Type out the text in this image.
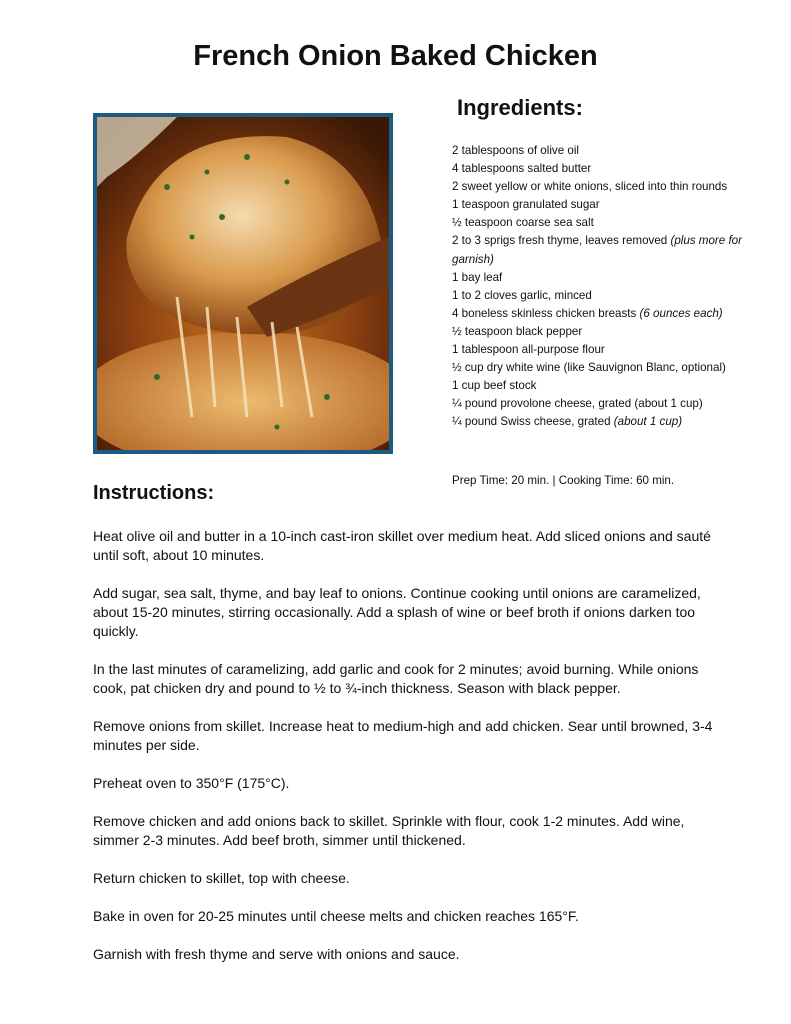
French Onion Baked Chicken
Ingredients:
2 tablespoons of olive oil
4 tablespoons salted butter
2 sweet yellow or white onions, sliced into thin rounds
1 teaspoon granulated sugar
½ teaspoon coarse sea salt
2 to 3 sprigs fresh thyme, leaves removed (plus more for garnish)
1 bay leaf
1 to 2 cloves garlic, minced
4 boneless skinless chicken breasts (6 ounces each)
½ teaspoon black pepper
1 tablespoon all-purpose flour
½ cup dry white wine (like Sauvignon Blanc, optional)
1 cup beef stock
¼ pound provolone cheese, grated (about 1 cup)
¼ pound Swiss cheese, grated (about 1 cup)
Prep Time: 20 min. | Cooking Time: 60 min.
Instructions:

Heat olive oil and butter in a 10-inch cast-iron skillet over medium heat. Add sliced onions and sauté until soft, about 10 minutes.

Add sugar, sea salt, thyme, and bay leaf to onions. Continue cooking until onions are caramelized, about 15-20 minutes, stirring occasionally. Add a splash of wine or beef broth if onions darken too quickly.

In the last minutes of caramelizing, add garlic and cook for 2 minutes; avoid burning. While onions cook, pat chicken dry and pound to ½ to ¾-inch thickness. Season with black pepper.

Remove onions from skillet. Increase heat to medium-high and add chicken. Sear until browned, 3-4 minutes per side.

Preheat oven to 350°F (175°C).

Remove chicken and add onions back to skillet. Sprinkle with flour, cook 1-2 minutes. Add wine, simmer 2-3 minutes. Add beef broth, simmer until thickened.

Return chicken to skillet, top with cheese.

Bake in oven for 20-25 minutes until cheese melts and chicken reaches 165°F.

Garnish with fresh thyme and serve with onions and sauce.
